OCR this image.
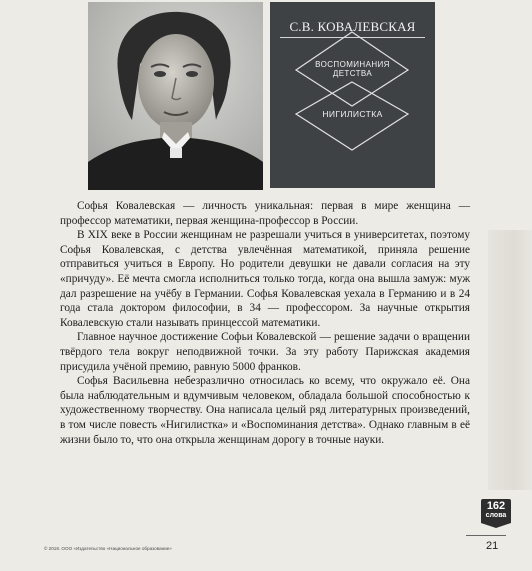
С.В. КОВАЛЕВСКАЯ
ВОСПОМИНАНИЯ
ДЕТСТВА
НИГИЛИСТКА

Софья Ковалевская — личность уникальная: первая в мире женщина — профессор математики, первая женщина-профессор в России.

В XIX веке в России женщинам не разрешали учиться в университетах, поэтому Софья Ковалевская, с детства увлечённая математикой, приняла решение отправиться учиться в Европу. Но родители девушки не давали согласия на эту «причуду». Её мечта смогла исполниться только тогда, когда она вышла замуж: муж дал разрешение на учёбу в Германии. Софья Ковалевская уехала в Германию и в 24 года стала доктором философии, в 34 — профессором. За научные открытия Ковалевскую стали называть принцессой математики.

Главное научное достижение Софьи Ковалевской — решение задачи о вращении твёрдого тела вокруг неподвижной точки. За эту работу Парижская академия присудила учёной премию, равную 5000 франков.

Софья Васильевна небезразлично относилась ко всему, что окружало её. Она была наблюдательным и вдумчивым человеком, обладала большой способностью к художественному творчеству. Она написала целый ряд литературных произведений, в том числе повесть «Нигилистка» и «Воспоминания детства». Однако главным в её жизни было то, что она открыла женщинам дорогу в точные науки.

162
слова
© 2018. ООО «Издательство «Национальное образование»	21
